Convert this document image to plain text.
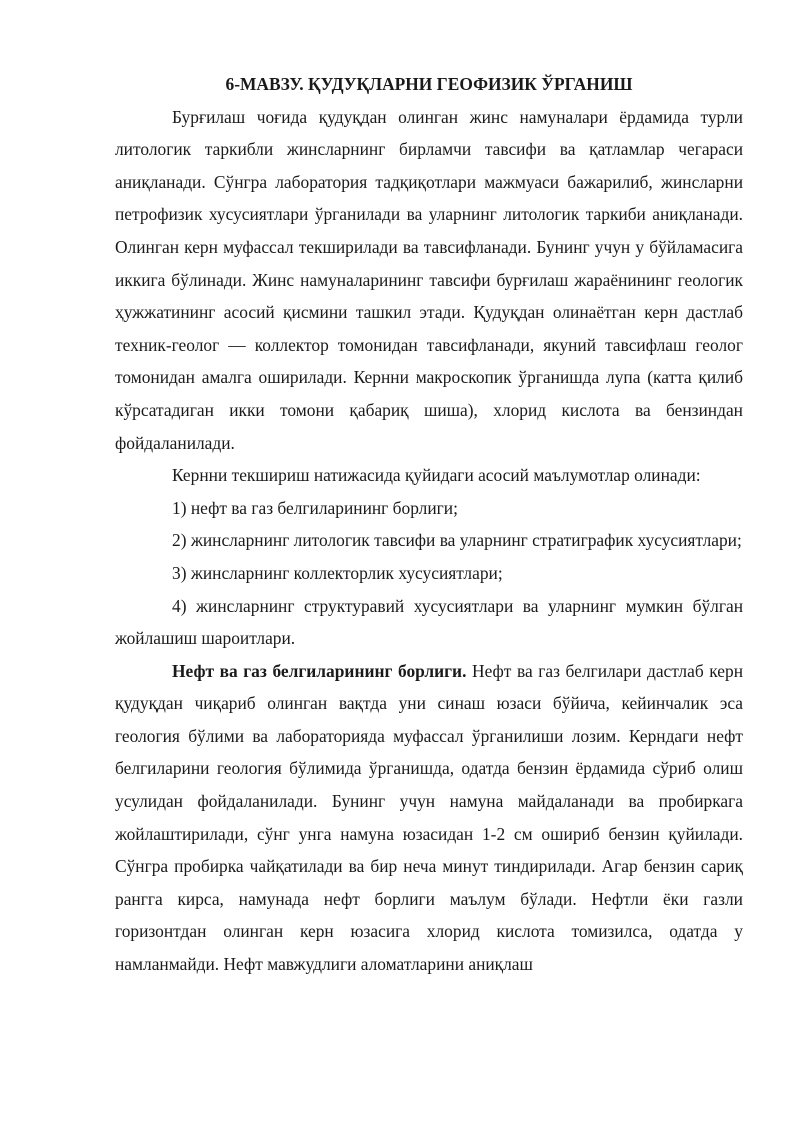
6-МАВЗУ. ҚУДУҚЛАРНИ ГЕОФИЗИК ЎРГАНИШ

Бурғилаш чоғида қудуқдан олинган жинс намуналари ёрдамида турли литологик таркибли жинсларнинг бирламчи тавсифи ва қатламлар чегараси аниқланади. Сўнгра лаборатория тадқиқотлари мажмуаси бажарилиб, жинсларни петрофизик хусусиятлари ўрганилади ва уларнинг литологик таркиби аниқланади. Олинган керн муфассал текширилади ва тавсифланади. Бунинг учун у бўйламасига иккига бўлинади. Жинс намуналарининг тавсифи бурғилаш жараёнининг геологик ҳужжатининг асосий қисмини ташкил этади. Қудуқдан олинаётган керн дастлаб техник-геолог — коллектор томонидан тавсифланади, якуний тавсифлаш геолог томонидан амалга оширилади. Кернни макроскопик ўрганишда лупа (катта қилиб кўрсатадиган икки томони қабариқ шиша), хлорид кислота ва бензиндан фойдаланилади.

Кернни текшириш натижасида қуйидаги асосий маълумотлар олинади:

1) нефт ва газ белгиларининг борлиги;

2) жинсларнинг литологик тавсифи ва уларнинг стратиграфик хусусиятлари;

3) жинсларнинг коллекторлик хусусиятлари;

4) жинсларнинг структуравий хусусиятлари ва уларнинг мумкин бўлган жойлашиш шароитлари.

Нефт ва газ белгиларининг борлиги. Нефт ва газ белгилари дастлаб керн қудуқдан чиқариб олинган вақтда уни синаш юзаси бўйича, кейинчалик эса геология бўлими ва лабораторияда муфассал ўрганилиши лозим. Керндаги нефт белгиларини геология бўлимида ўрганишда, одатда бензин ёрдамида сўриб олиш усулидан фойдаланилади. Бунинг учун намуна майдаланади ва пробиркага жойлаштирилади, сўнг унга намуна юзасидан 1-2 см ошириб бензин қуйилади. Сўнгра пробирка чайқатилади ва бир неча минут тиндирилади. Агар бензин сариқ рангга кирса, намунада нефт борлиги маълум бўлади. Нефтли ёки газли горизонтдан олинган керн юзасига хлорид кислота томизилса, одатда у намланмайди. Нефт мавжудлиги аломатларини аниқлаш
